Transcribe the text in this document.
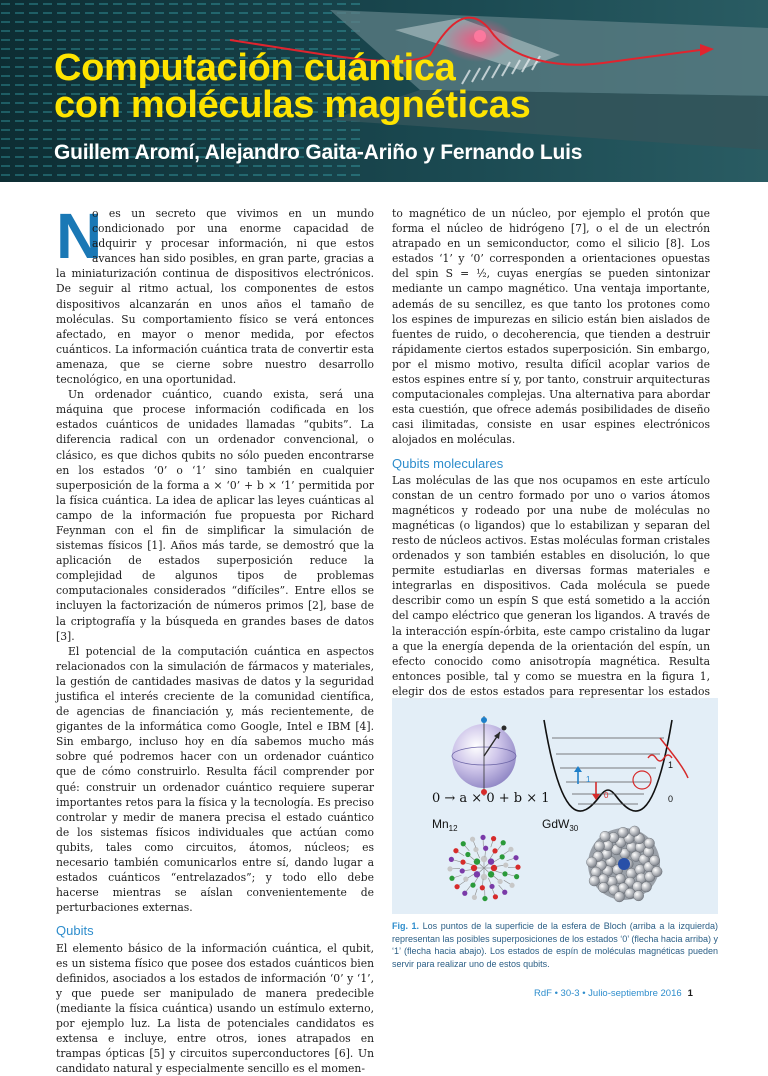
Computación cuántica
con moléculas magnéticas

Guillem Aromí, Alejandro Gaita-Ariño y Fernando Luis

N
o es un secreto que vivimos en un mundo condicionado por una enorme capacidad de adquirir y procesar información, ni que estos avances han sido posibles, en gran parte, gracias a la miniaturización continua de dispositivos electrónicos. De seguir al ritmo actual, los componentes de estos dispositivos alcanzarán en unos años el tamaño de moléculas. Su comportamiento físico se verá entonces afectado, en mayor o menor medida, por efectos cuánticos. La información cuántica trata de convertir esta amenaza, que se cierne sobre nuestro desarrollo tecnológico, en una oportunidad.

Un ordenador cuántico, cuando exista, será una máquina que procese información codificada en los estados cuánticos de unidades llamadas “qubits”. La diferencia radical con un ordenador convencional, o clásico, es que dichos qubits no sólo pueden encontrarse en los estados ‘0’ o ‘1’ sino también en cualquier superposición de la forma a × ‘0’ + b × ‘1’ permitida por la física cuántica. La idea de aplicar las leyes cuánticas al campo de la información fue propuesta por Richard Feynman con el fin de simplificar la simulación de sistemas físicos [1]. Años más tarde, se demostró que la aplicación de estados superposición reduce la complejidad de algunos tipos de problemas computacionales considerados “difíciles”. Entre ellos se incluyen la factorización de números primos [2], base de la criptografía y la búsqueda en grandes bases de datos [3].

El potencial de la computación cuántica en aspectos relacionados con la simulación de fármacos y materiales, la gestión de cantidades masivas de datos y la seguridad justifica el interés creciente de la comunidad científica, de agencias de financiación y, más recientemente, de gigantes de la informática como Google, Intel e IBM [4]. Sin embargo, incluso hoy en día sabemos mucho más sobre qué podremos hacer con un ordenador cuántico que de cómo construirlo. Resulta fácil comprender por qué: construir un ordenador cuántico requiere superar importantes retos para la física y la tecnología. Es preciso controlar y medir de manera precisa el estado cuántico de los sistemas físicos individuales que actúan como qubits, tales como circuitos, átomos, núcleos; es necesario también comunicarlos entre sí, dando lugar a estados cuánticos “entrelazados”; y todo ello debe hacerse mientras se aíslan convenientemente de perturbaciones externas.

Qubits

El elemento básico de la información cuántica, el qubit, es un sistema físico que posee dos estados cuánticos bien definidos, asociados a los estados de información ‘0’ y ‘1’, y que puede ser manipulado de manera predecible (mediante la física cuántica) usando un estímulo externo, por ejemplo luz. La lista de potenciales candidatos es extensa e incluye, entre otros, iones atrapados en trampas ópticas [5] y circuitos superconductores [6]. Un candidato natural y especialmente sencillo es el momen-

to magnético de un núcleo, por ejemplo el protón que forma el núcleo de hidrógeno [7], o el de un electrón atrapado en un semiconductor, como el silicio [8]. Los estados ‘1’ y ‘0’ corresponden a orientaciones opuestas del spin S = ½, cuyas energías se pueden sintonizar mediante un campo magnético. Una ventaja importante, además de su sencillez, es que tanto los protones como los espines de impurezas en silicio están bien aislados de fuentes de ruido, o decoherencia, que tienden a destruir rápidamente ciertos estados superposición. Sin embargo, por el mismo motivo, resulta difícil acoplar varios de estos espines entre sí y, por tanto, construir arquitecturas computacionales complejas. Una alternativa para abordar esta cuestión, que ofrece además posibilidades de diseño casi ilimitadas, consiste en usar espines electrónicos alojados en moléculas.

Qubits moleculares

Las moléculas de las que nos ocupamos en este artículo constan de un centro formado por uno o varios átomos magnéticos y rodeado por una nube de moléculas no magnéticas (o ligandos) que lo estabilizan y separan del resto de núcleos activos. Estas moléculas forman cristales ordenados y son también estables en disolución, lo que permite estudiarlas en diversas formas materiales e integrarlas en dispositivos. Cada molécula se puede describir como un espín S que está sometido a la acción del campo eléctrico que generan los ligandos. A través de la interacción espín-órbita, este campo cristalino da lugar a que la energía dependa de la orientación del espín, un efecto conocido como anisotropía magnética. Resulta entonces posible, tal y como se muestra en la figura 1, elegir dos de estos estados para representar los estados

0 → a × 0 + b × 1
1
0
1
0
$Mn_{12}$	GdW$_{30}$

Fig. 1. Los puntos de la superficie de la esfera de Bloch (arriba a la izquierda) representan las posibles superposiciones de los estados ‘0’ (flecha hacia arriba) y ‘1’ (flecha hacia abajo). Los estados de espín de moléculas magnéticas pueden servir para realizar uno de estos qubits.

RdF • 30-3 • Julio-septiembre 2016 1
